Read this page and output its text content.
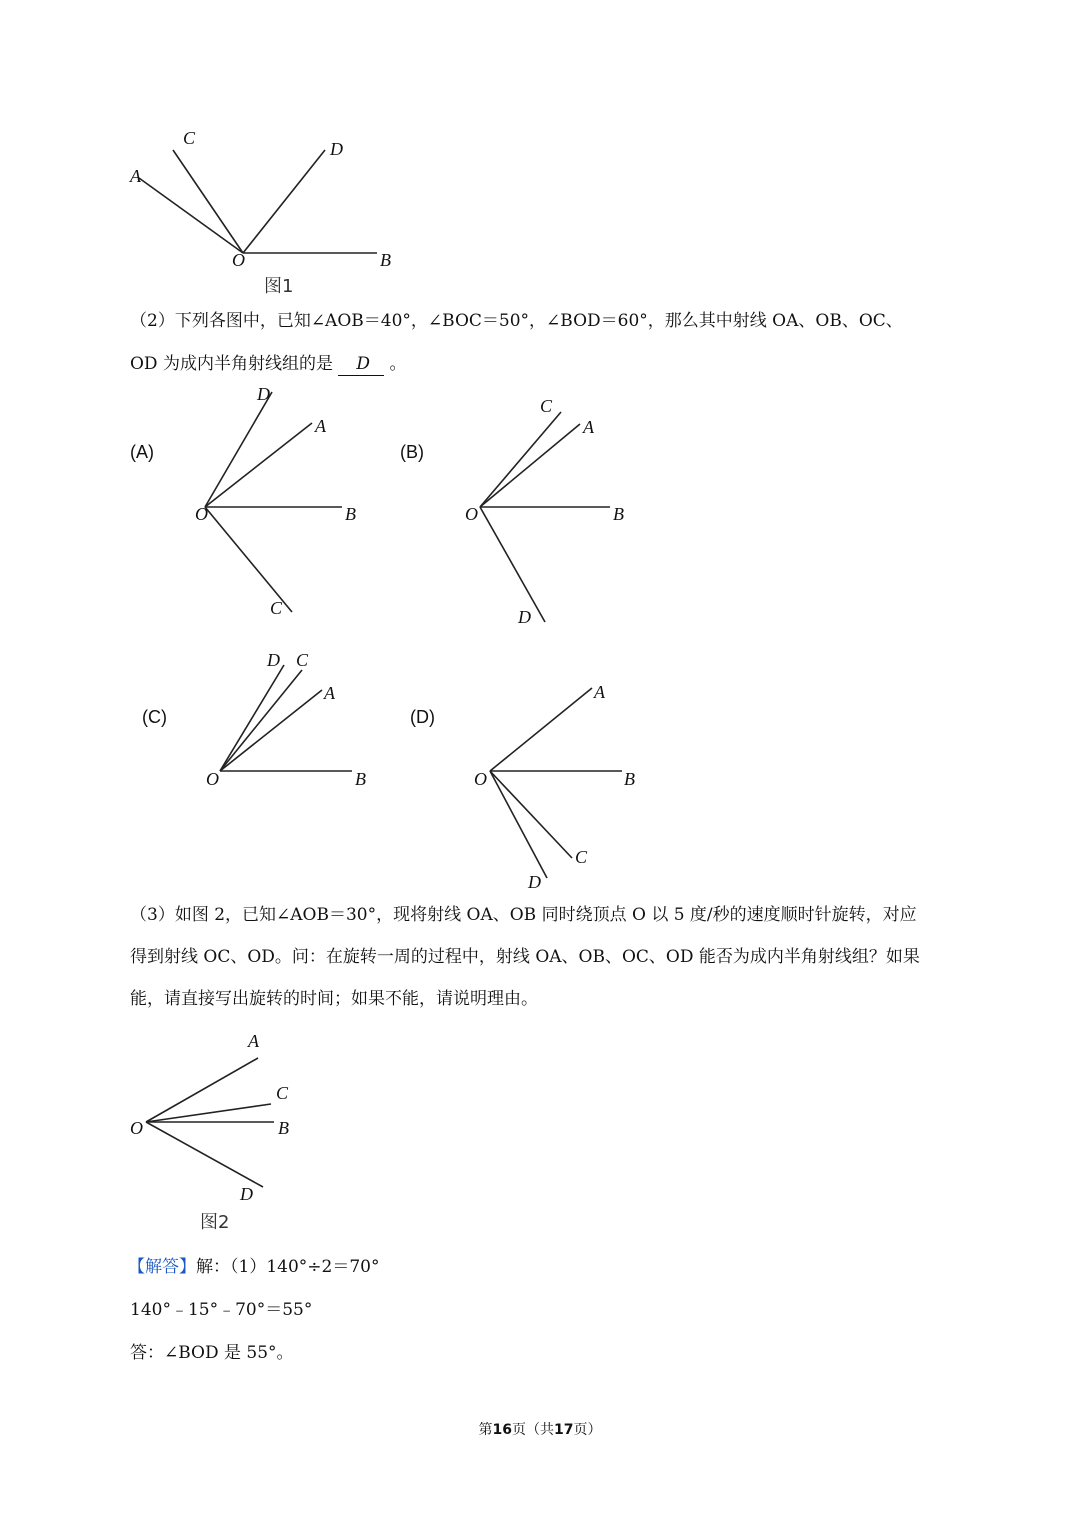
C
A
D
O	B
图1
（2）下列各图中，已知∠AOB＝40°，∠BOC＝50°，∠BOD＝60°，那么其中射线 OA、OB、OC、
OD 为成内半角射线组的是 D 。
(A)
D
A
O	B
C
(B)
C
A
O	B
D
(C)
D C
A
O	B
(D)
A
O	B
C
D
（3）如图 2，已知∠AOB＝30°，现将射线 OA、OB 同时绕顶点 O 以 5 度/秒的速度顺时针旋转，对应
得到射线 OC、OD。问：在旋转一周的过程中，射线 OA、OB、OC、OD 能否为成内半角射线组？如果
能，请直接写出旋转的时间；如果不能，请说明理由。
A
C
O	B
D
图2
【解答】解：（1）140°÷2＝70°
140°﹣15°﹣70°＝55°
答：∠BOD 是 55°。
第16页（共17页）
